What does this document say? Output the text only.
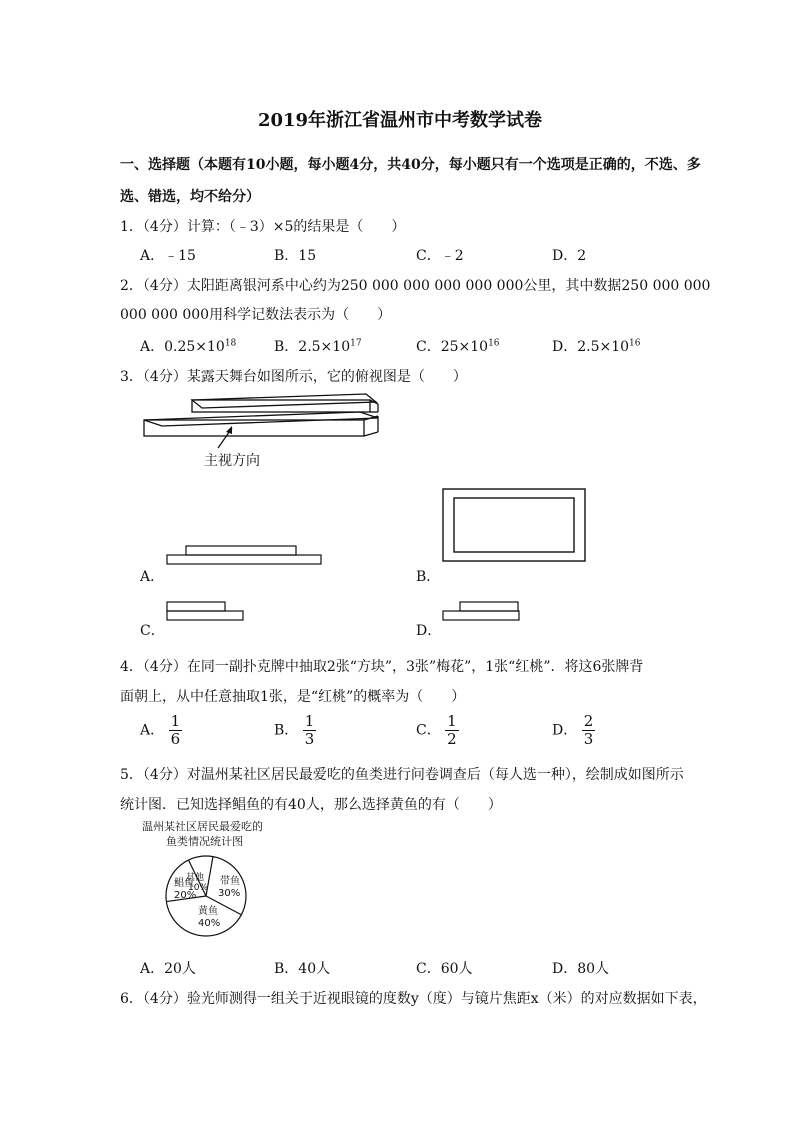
2019年浙江省温州市中考数学试卷
一、选择题（本题有10小题，每小题4分，共40分，每小题只有一个选项是正确的，不选、多
选、错选，均不给分）
1．（4分）计算：（﹣3）×5的结果是（　　）
A．﹣15	B．15	C．﹣2	D．2
2．（4分）太阳距离银河系中心约为250 000 000 000 000 000公里，其中数据250 000 000
000 000 000用科学记数法表示为（　　）
A．$0.25\times 10^{18}$	B．$2.5\times 10^{17}$	C．$25\times 10^{16}$	D．$2.5\times 10^{16}$
3．（4分）某露天舞台如图所示，它的俯视图是（　　）
主视方向
A．	B．
C．	D．
4．（4分）在同一副扑克牌中抽取2张“方块”，3张”梅花”，1张“红桃”．将这6张牌背
面朝上，从中任意抽取1张，是“红桃”的概率为（　　）
A． $\frac{1}{6}$	B． $\frac{1}{3}$	C． $\frac{1}{2}$	D． $\frac{2}{3}$
5．（4分）对温州某社区居民最爱吃的鱼类进行问卷调查后（每人选一种），绘制成如图所示
统计图．已知选择鲳鱼的有40人，那么选择黄鱼的有（　　）
温州某社区居民最爱吃的
鱼类情况统计图
其他
10%
带鱼
30%
鲳鱼
20%
黄鱼
40%
A．20人	B．40人	C．60人	D．80人
6．（4分）验光师测得一组关于近视眼镜的度数y（度）与镜片焦距x（米）的对应数据如下表，
